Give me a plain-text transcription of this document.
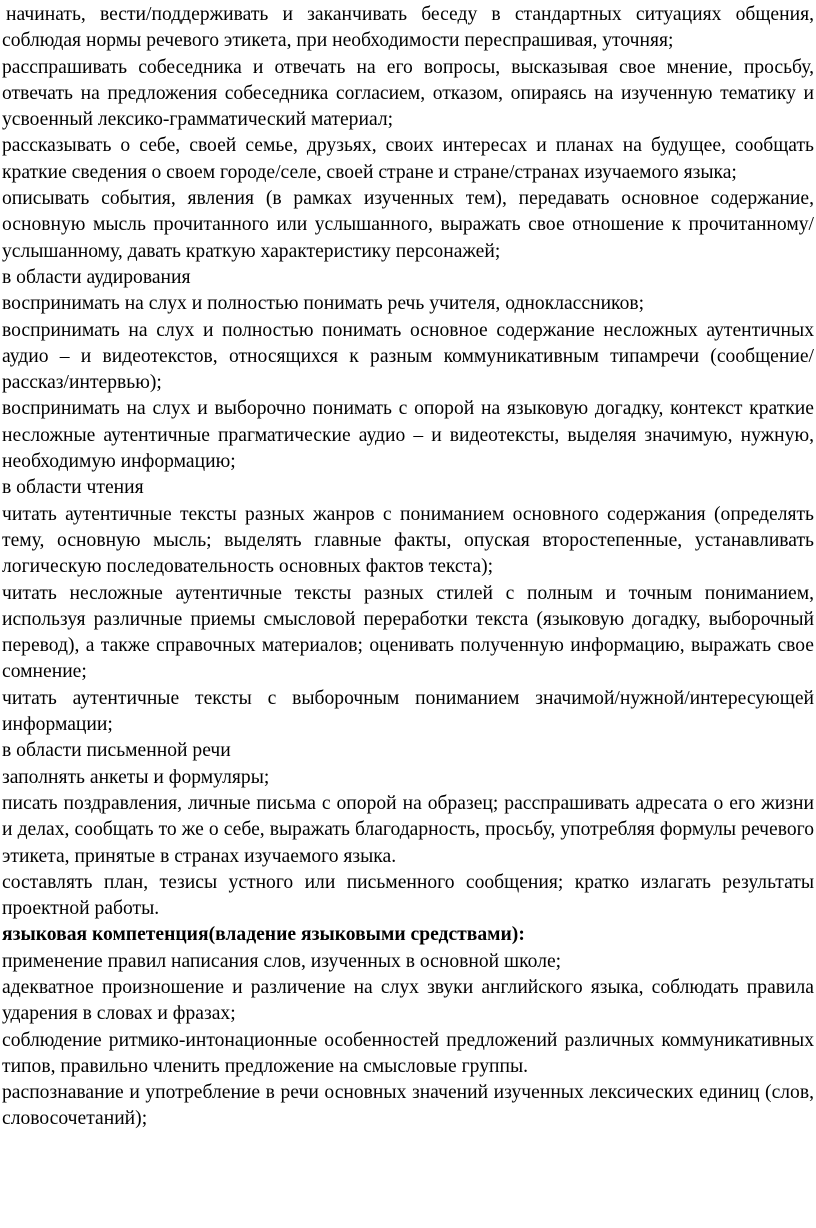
начинать, вести/поддерживать и заканчивать беседу в стандартных ситуациях общения, соблюдая нормы речевого этикета, при необходимости переспрашивая, уточняя;

расспрашивать собеседника и отвечать на его вопросы, высказывая свое мнение, просьбу, отвечать на предложения собеседника согласием, отказом, опираясь на изученную тематику и усвоенный лексико-грамматический материал;

рассказывать о себе, своей семье, друзьях, своих интересах и планах на будущее, сообщать краткие сведения о своем городе/селе, своей стране и стране/странах изучаемого языка;

описывать события, явления (в рамках изученных тем), передавать основное содержание, основную мысль прочитанного или услышанного, выражать свое отношение к прочитанному/услышанному, давать краткую характеристику персонажей;

в области аудирования

воспринимать на слух и полностью понимать речь учителя, одноклассников;

воспринимать на слух и полностью понимать основное содержание несложных аутентичных аудио – и видеотекстов, относящихся к разным коммуникативным типамречи (сообщение/рассказ/интервью);

воспринимать на слух и выборочно понимать с опорой на языковую догадку, контекст краткие несложные аутентичные прагматические аудио – и видеотексты, выделяя значимую, нужную, необходимую информацию;

в области чтения

читать аутентичные тексты разных жанров с пониманием основного содержания (определять тему, основную мысль; выделять главные факты, опуская второстепенные, устанавливать логическую последовательность основных фактов текста);

читать несложные аутентичные тексты разных стилей с полным и точным пониманием, используя различные приемы смысловой переработки текста (языковую догадку, выборочный перевод), а также справочных материалов; оценивать полученную информацию, выражать свое сомнение;

читать аутентичные тексты с выборочным пониманием значимой/нужной/интересующей информации;

в области письменной речи

заполнять анкеты и формуляры;

писать поздравления, личные письма с опорой на образец; расспрашивать адресата о его жизни и делах, сообщать то же о себе, выражать благодарность, просьбу, употребляя формулы речевого этикета, принятые в странах изучаемого языка.

составлять план, тезисы устного или письменного сообщения; кратко излагать результаты проектной работы.

языковая компетенция(владение языковыми средствами):

применение правил написания слов, изученных в основной школе;

адекватное произношение и различение на слух звуки английского языка, соблюдать правила ударения в словах и фразах;

соблюдение ритмико-интонационные особенностей предложений различных коммуникативных типов, правильно членить предложение на смысловые группы.

распознавание и употребление в речи основных значений изученных лексических единиц (слов, словосочетаний);
